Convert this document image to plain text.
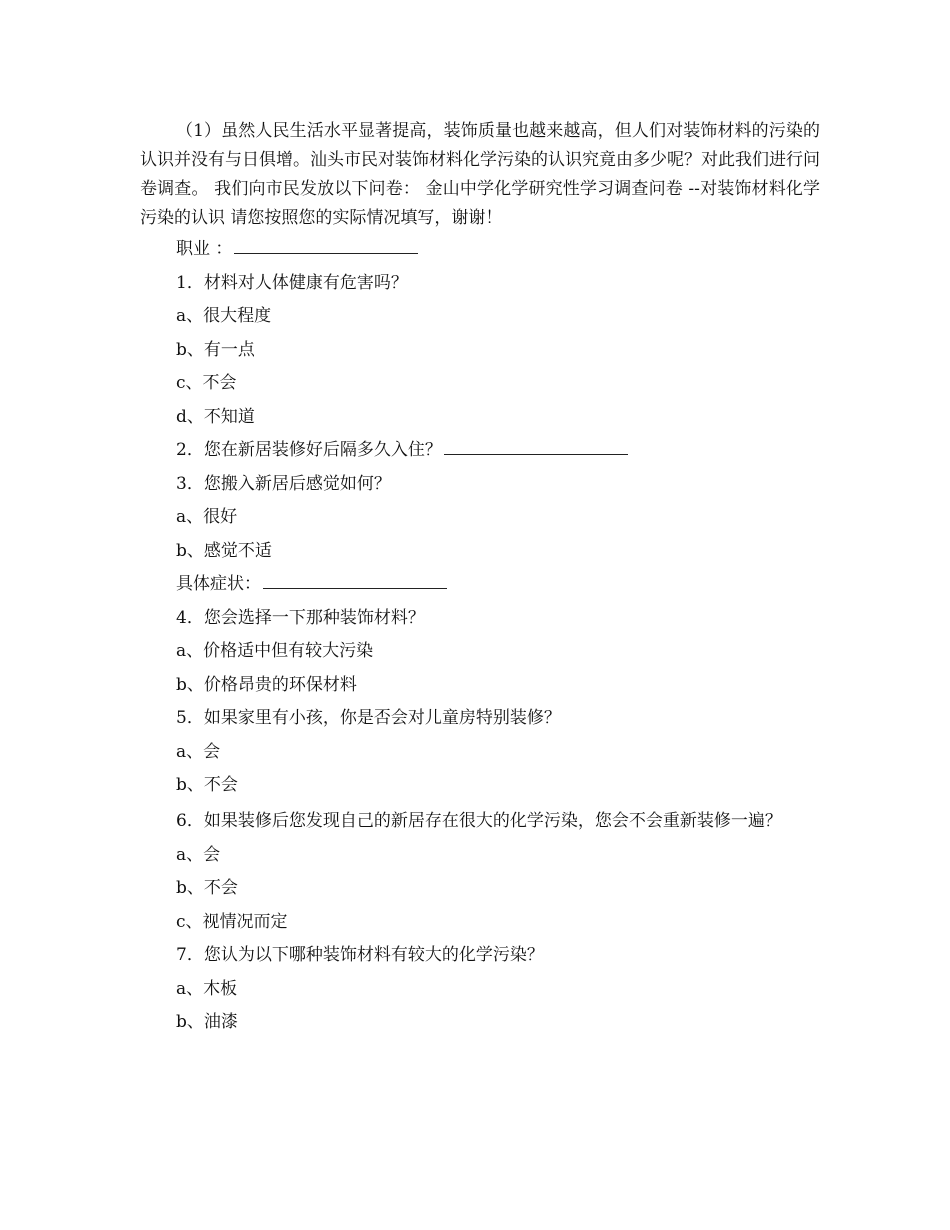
（1）虽然人民生活水平显著提高，装饰质量也越来越高，但人们对装饰材料的污染的认识并没有与日俱增。汕头市民对装饰材料化学污染的认识究竟由多少呢？对此我们进行问卷调查。 我们向市民发放以下问卷： 金山中学化学研究性学习调查问卷 --对装饰材料化学污染的认识 请您按照您的实际情况填写，谢谢！

职业 ：
1．材料对人体健康有危害吗？
a、很大程度
b、有一点
c、不会
d、不知道
2．您在新居装修好后隔多久入住？
3．您搬入新居后感觉如何？
a、很好
b、感觉不适
具体症状：
4．您会选择一下那种装饰材料？
a、价格适中但有较大污染
b、价格昂贵的环保材料
5．如果家里有小孩，你是否会对儿童房特别装修？
a、会
b、不会
6．如果装修后您发现自己的新居存在很大的化学污染，您会不会重新装修一遍？
a、会
b、不会
c、视情况而定
7．您认为以下哪种装饰材料有较大的化学污染？
a、木板
b、油漆
